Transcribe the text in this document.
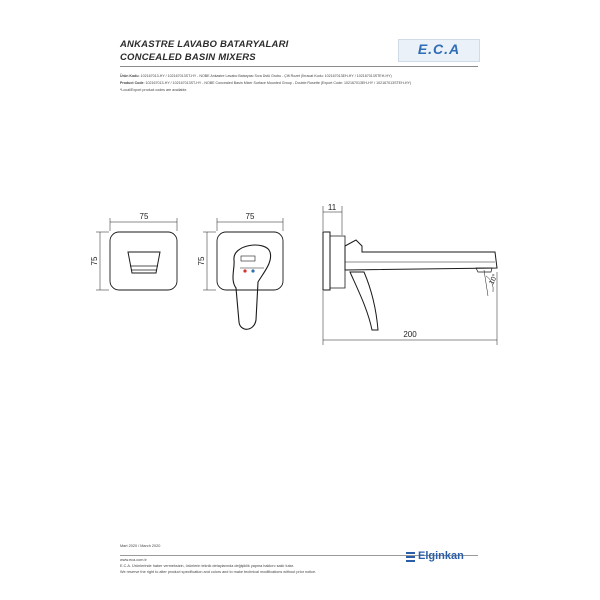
ANKASTRE LAVABO BATARYALARI
CONCEALED BASIN MIXERS
E.C.A
Ürün Kodu: 102167013-HY / 102167013ST-HY - NOBE Ankastre Lavabo Bataryası Sıva Üstü Grubu - Çift Rozet (İhracat Kodu: 102167013EH-HY / 102167013STEH-HY)
Product Code: 102167013-HY / 102167013ST-HY - NOBE Concealed Basin Mixer Surface Mounted Group - Double Rosette (Export Code: 102167013EH-HY / 102167013STEH-HY)
*Local/Export product codes are available.
75
75
75
75
11
200
10°
Mart 2020 / March 2020
www.eca.com.tr
E.C.A. Ürünlerinde haber vermeksizin, ürünlerin teknik detaylarında değişiklik yapma hakkını saklı tutar.
We reserve the right to alter product specification and colors and to make technical modifications without prior notice.
Elginkan
